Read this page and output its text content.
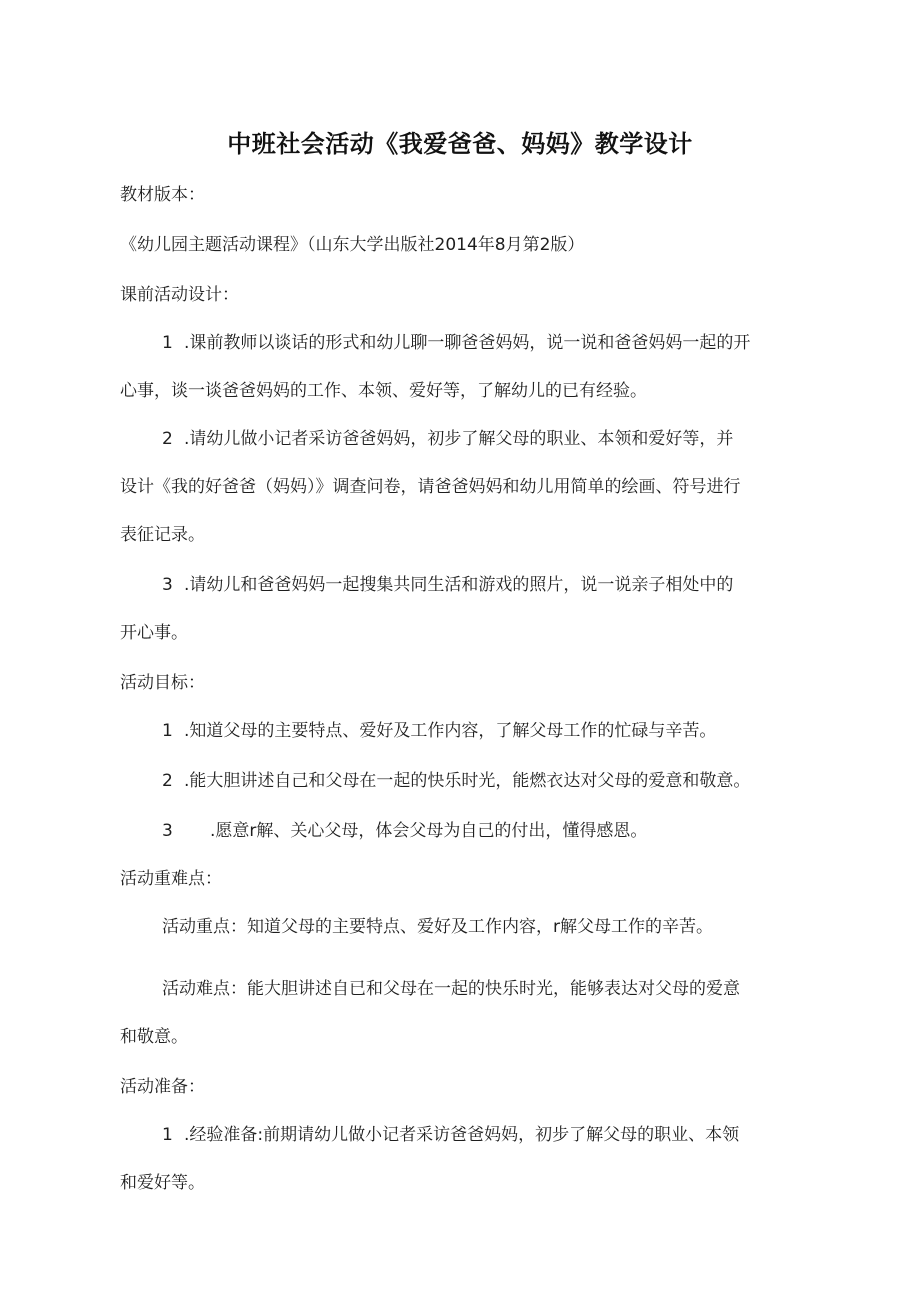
中班社会活动《我爱爸爸、妈妈》教学设计
教材版本：
《幼儿园主题活动课程》（山东大学出版社2014年8月第2版）
课前活动设计：
1 .课前教师以谈话的形式和幼儿聊一聊爸爸妈妈，说一说和爸爸妈妈一起的开
心事，谈一谈爸爸妈妈的工作、本领、爱好等，了解幼儿的已有经验。
2 .请幼儿做小记者采访爸爸妈妈，初步了解父母的职业、本领和爱好等，并
设计《我的好爸爸（妈妈）》调查问卷，请爸爸妈妈和幼儿用简单的绘画、符号进行
表征记录。
3 .请幼儿和爸爸妈妈一起搜集共同生活和游戏的照片，说一说亲子相处中的
开心事。
活动目标：
1 .知道父母的主要特点、爱好及工作内容，了解父母工作的忙碌与辛苦。
2 .能大胆讲述自己和父母在一起的快乐时光，能燃衣达对父母的爱意和敬意。
3 .愿意r解、关心父母，体会父母为自己的付出，懂得感恩。
活动重难点：
活动重点：知道父母的主要特点、爱好及工作内容，r解父母工作的辛苦。
活动难点：能大胆讲述自已和父母在一起的快乐时光，能够表达对父母的爱意
和敬意。
活动准备：
1 .经验准备:前期请幼儿做小记者采访爸爸妈妈，初步了解父母的职业、本领
和爱好等。
